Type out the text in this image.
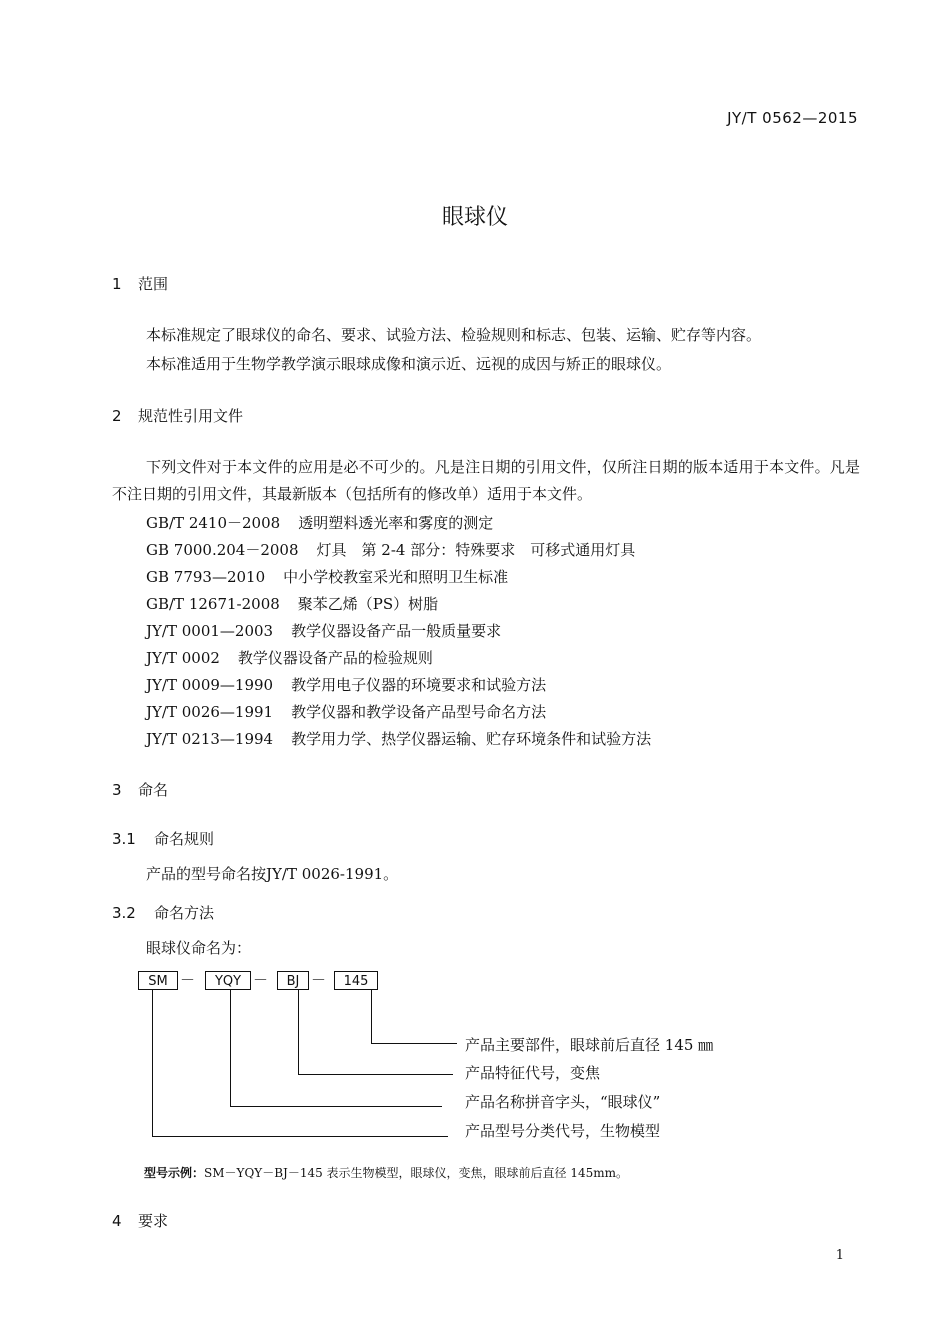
JY/T 0562—2015
眼球仪
1 范围
本标准规定了眼球仪的命名、要求、试验方法、检验规则和标志、包装、运输、贮存等内容。
本标准适用于生物学教学演示眼球成像和演示近、远视的成因与矫正的眼球仪。
2 规范性引用文件
下列文件对于本文件的应用是必不可少的。凡是注日期的引用文件，仅所注日期的版本适用于本文件。凡是不注日期的引用文件，其最新版本（包括所有的修改单）适用于本文件。
GB/T 2410－2008 透明塑料透光率和雾度的测定
GB 7000.204－2008 灯具　第 2-4 部分：特殊要求　可移式通用灯具
GB 7793—2010 中小学校教室采光和照明卫生标准
GB/T 12671-2008 聚苯乙烯（PS）树脂
JY/T 0001—2003 教学仪器设备产品一般质量要求
JY/T 0002 教学仪器设备产品的检验规则
JY/T 0009—1990 教学用电子仪器的环境要求和试验方法
JY/T 0026—1991 教学仪器和教学设备产品型号命名方法
JY/T 0213—1994 教学用力学、热学仪器运输、贮存环境条件和试验方法
3 命名
3.1 命名规则
产品的型号命名按JY/T 0026-1991。
3.2 命名方法
眼球仪命名为：
SM －	YQY －	BJ －	145
产品主要部件，眼球前后直径 145 ㎜
产品特征代号，变焦
产品名称拼音字头，“眼球仪”
产品型号分类代号，生物模型
型号示例：SM－YQY－BJ－145 表示生物模型，眼球仪，变焦，眼球前后直径 145mm。
4 要求
1
